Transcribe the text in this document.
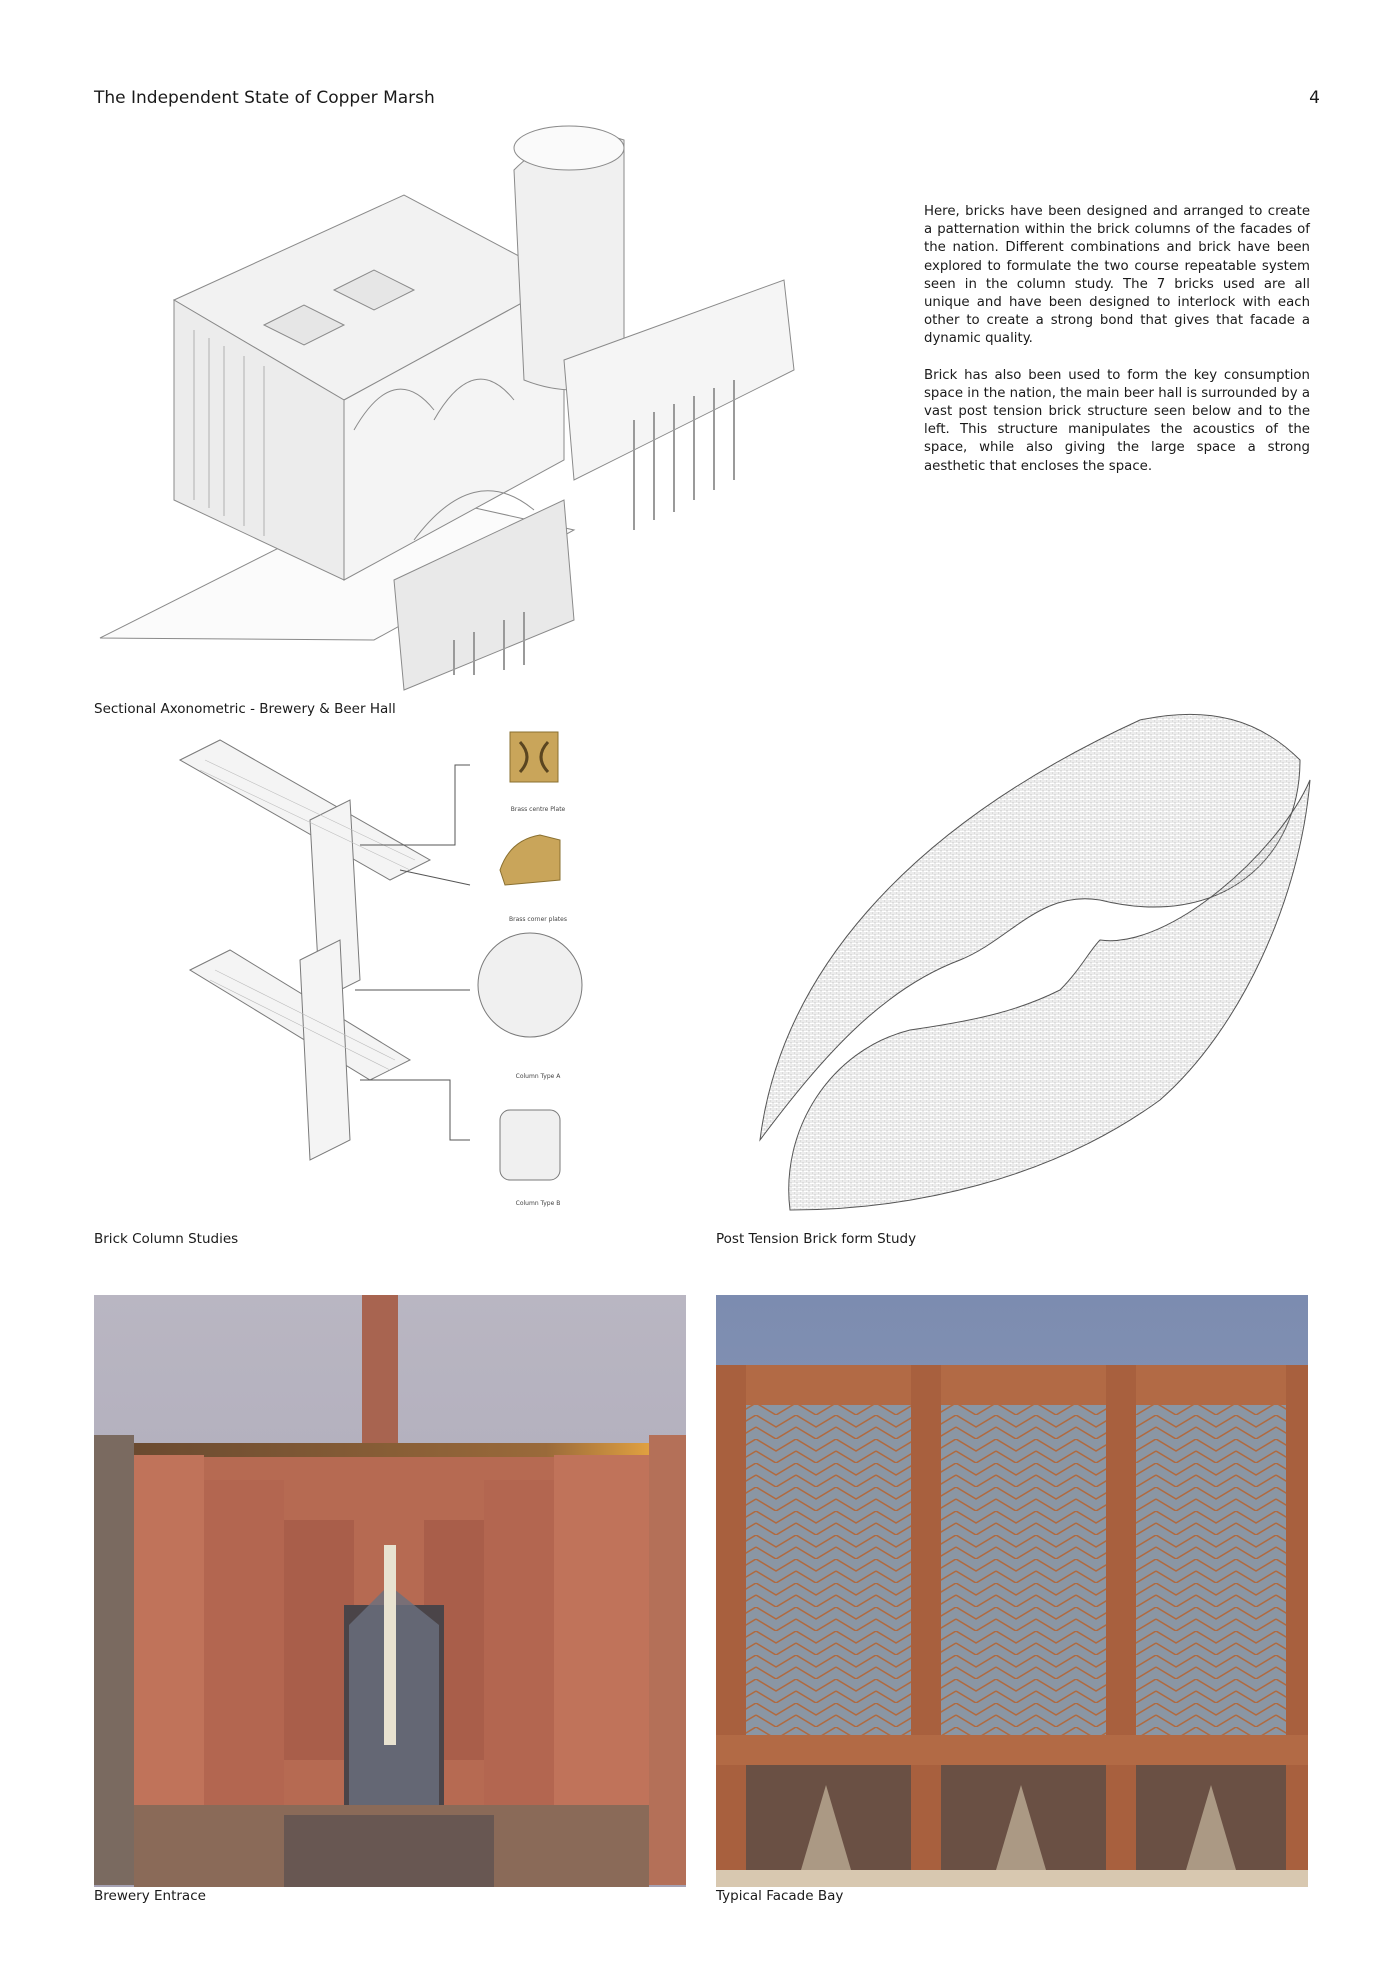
The Independent State of Copper Marsh	4

Here, bricks have been designed and arranged to create a patternation within the brick columns of the facades of the nation. Different combinations and brick have been explored to formulate the two course repeatable system seen in the column study. The 7 bricks used are all unique and have been designed to interlock with each other to create a strong bond that gives that facade a dynamic quality.

Brick has also been used to form the key consumption space in the nation, the main beer hall is surrounded by a vast post tension brick structure seen below and to the left. This structure manipulates the acoustics of the space, while also giving the large space a strong aesthetic that encloses the space.

Sectional Axonometric - Brewery & Beer Hall
Brass centre Plate
Brass corner plates
Column Type A
Column Type B
Brick Column Studies	Post Tension Brick form Study
Brewery Entrace	Typical Facade Bay
